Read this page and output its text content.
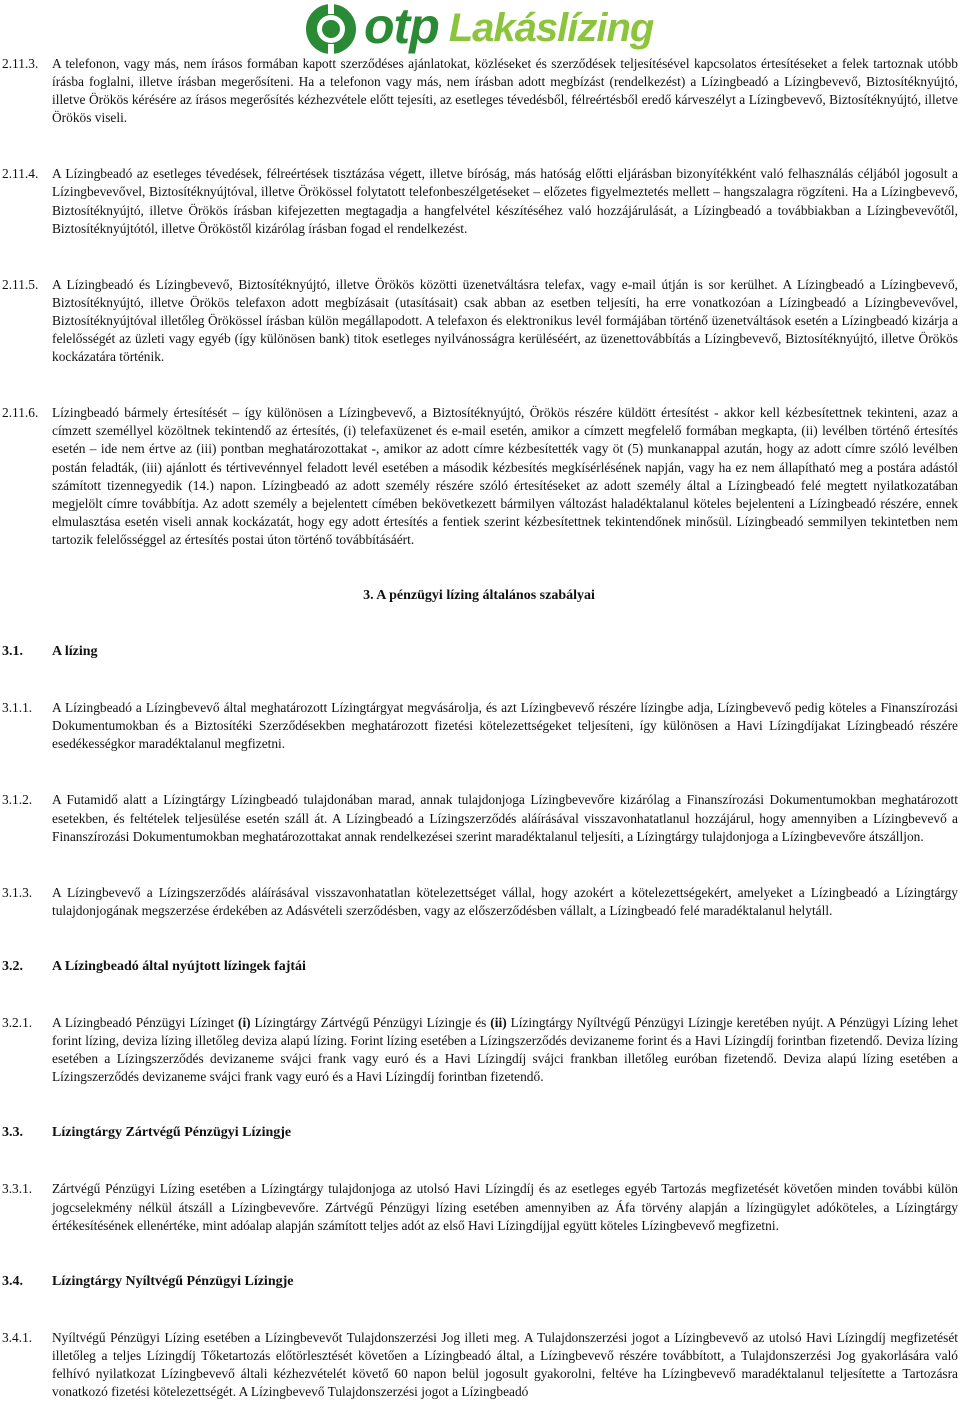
otp Lakáslízing
2.11.3.	A telefonon, vagy más, nem írásos formában kapott szerződéses ajánlatokat, közléseket és szerződések teljesítésével kapcsolatos értesítéseket a felek tartoznak utóbb írásba foglalni, illetve írásban megerősíteni. Ha a telefonon vagy más, nem írásban adott megbízást (rendelkezést) a Lízingbeadó a Lízingbevevő, Biztosítéknyújtó, illetve Örökös kérésére az írásos megerősítés kézhezvétele előtt tejesíti, az esetleges tévedésből, félreértésből eredő kárveszélyt a Lízingbevevő, Biztosítéknyújtó, illetve Örökös viseli.
2.11.4.	A Lízingbeadó az esetleges tévedések, félreértések tisztázása végett, illetve bíróság, más hatóság előtti eljárásban bizonyítékként való felhasználás céljából jogosult a Lízingbevevővel, Biztosítéknyújtóval, illetve Örökössel folytatott telefonbeszélgetéseket – előzetes figyelmeztetés mellett – hangszalagra rögzíteni. Ha a Lízingbevevő, Biztosítéknyújtó, illetve Örökös írásban kifejezetten megtagadja a hangfelvétel készítéséhez való hozzájárulását, a Lízingbeadó a továbbiakban a Lízingbevevőtől, Biztosítéknyújtótól, illetve Örököstől kizárólag írásban fogad el rendelkezést.
2.11.5.	A Lízingbeadó és Lízingbevevő, Biztosítéknyújtó, illetve Örökös közötti üzenetváltásra telefax, vagy e-mail útján is sor kerülhet. A Lízingbeadó a Lízingbevevő, Biztosítéknyújtó, illetve Örökös telefaxon adott megbízásait (utasításait) csak abban az esetben teljesíti, ha erre vonatkozóan a Lízingbeadó a Lízingbevevővel, Biztosítéknyújtóval illetőleg Örökössel írásban külön megállapodott. A telefaxon és elektronikus levél formájában történő üzenetváltások esetén a Lízingbeadó kizárja a felelősségét az üzleti vagy egyéb (így különösen bank) titok esetleges nyilvánosságra kerüléséért, az üzenettovábbítás a Lízingbevevő, Biztosítéknyújtó, illetve Örökös kockázatára történik.
2.11.6.	Lízingbeadó bármely értesítését – így különösen a Lízingbevevő, a Biztosítéknyújtó, Örökös részére küldött értesítést - akkor kell kézbesítettnek tekinteni, azaz a címzett személlyel közöltnek tekintendő az értesítés, (i) telefaxüzenet és e-mail esetén, amikor a címzett megfelelő formában megkapta, (ii) levélben történő értesítés esetén – ide nem értve az (iii) pontban meghatározottakat -, amikor az adott címre kézbesítették vagy öt (5) munkanappal azután, hogy az adott címre szóló levélben postán feladták, (iii) ajánlott és tértivevénnyel feladott levél esetében a második kézbesítés megkísérlésének napján, vagy ha ez nem állapítható meg a postára adástól számított tizennegyedik (14.) napon. Lízingbeadó az adott személy részére szóló értesítéseket az adott személy által a Lízingbeadó felé megtett nyilatkozatában megjelölt címre továbbítja. Az adott személy a bejelentett címében bekövetkezett bármilyen változást haladéktalanul köteles bejelenteni a Lízingbeadó részére, ennek elmulasztása esetén viseli annak kockázatát, hogy egy adott értesítés a fentiek szerint kézbesítettnek tekintendőnek minősül. Lízingbeadó semmilyen tekintetben nem tartozik felelősséggel az értesítés postai úton történő továbbításáért.
3. A pénzügyi lízing általános szabályai
3.1.	A lízing
3.1.1.	A Lízingbeadó a Lízingbevevő által meghatározott Lízingtárgyat megvásárolja, és azt Lízingbevevő részére lízingbe adja, Lízingbevevő pedig köteles a Finanszírozási Dokumentumokban és a Biztosítéki Szerződésekben meghatározott fizetési kötelezettségeket teljesíteni, így különösen a Havi Lízingdíjakat Lízingbeadó részére esedékességkor maradéktalanul megfizetni.
3.1.2.	A Futamidő alatt a Lízingtárgy Lízingbeadó tulajdonában marad, annak tulajdonjoga Lízingbevevőre kizárólag a Finanszírozási Dokumentumokban meghatározott esetekben, és feltételek teljesülése esetén száll át. A Lízingbeadó a Lízingszerződés aláírásával visszavonhatatlanul hozzájárul, hogy amennyiben a Lízingbevevő a Finanszírozási Dokumentumokban meghatározottakat annak rendelkezései szerint maradéktalanul teljesíti, a Lízingtárgy tulajdonjoga a Lízingbevevőre átszálljon.
3.1.3.	A Lízingbevevő a Lízingszerződés aláírásával visszavonhatatlan kötelezettséget vállal, hogy azokért a kötelezettségekért, amelyeket a Lízingbeadó a Lízingtárgy tulajdonjogának megszerzése érdekében az Adásvételi szerződésben, vagy az előszerződésben vállalt, a Lízingbeadó felé maradéktalanul helytáll.
3.2.	A Lízingbeadó által nyújtott lízingek fajtái
3.2.1.	A Lízingbeadó Pénzügyi Lízinget (i) Lízingtárgy Zártvégű Pénzügyi Lízingje és (ii) Lízingtárgy Nyíltvégű Pénzügyi Lízingje keretében nyújt. A Pénzügyi Lízing lehet forint lízing, deviza lízing illetőleg deviza alapú lízing. Forint lízing esetében a Lízingszerződés devizaneme forint és a Havi Lízingdíj forintban fizetendő. Deviza lízing esetében a Lízingszerződés devizaneme svájci frank vagy euró és a Havi Lízingdíj svájci frankban illetőleg euróban fizetendő. Deviza alapú lízing esetében a Lízingszerződés devizaneme svájci frank vagy euró és a Havi Lízingdíj forintban fizetendő.
3.3.	Lízingtárgy Zártvégű Pénzügyi Lízingje
3.3.1.	Zártvégű Pénzügyi Lízing esetében a Lízingtárgy tulajdonjoga az utolsó Havi Lízingdíj és az esetleges egyéb Tartozás megfizetését követően minden további külön jogcselekmény nélkül átszáll a Lízingbevevőre. Zártvégű Pénzügyi lízing esetében amennyiben az Áfa törvény alapján a lízingügylet adóköteles, a Lízingtárgy értékesítésének ellenértéke, mint adóalap alapján számított teljes adót az első Havi Lízingdíjjal együtt köteles Lízingbevevő megfizetni.
3.4.	Lízingtárgy Nyíltvégű Pénzügyi Lízingje
3.4.1.	Nyíltvégű Pénzügyi Lízing esetében a Lízingbevevőt Tulajdonszerzési Jog illeti meg. A Tulajdonszerzési jogot a Lízingbevevő az utolsó Havi Lízingdíj megfizetését illetőleg a teljes Lízingdíj Tőketartozás előtörlesztését követően a Lízingbeadó által, a Lízingbevevő részére továbbított, a Tulajdonszerzési Jog gyakorlására való felhívó nyilatkozat Lízingbevevő általi kézhezvételét követő 60 napon belül jogosult gyakorolni, feltéve ha Lízingbevevő maradéktalanul teljesítette a Tartozásra vonatkozó fizetési kötelezettségét. A Lízingbevevő Tulajdonszerzési jogot a Lízingbeadó
